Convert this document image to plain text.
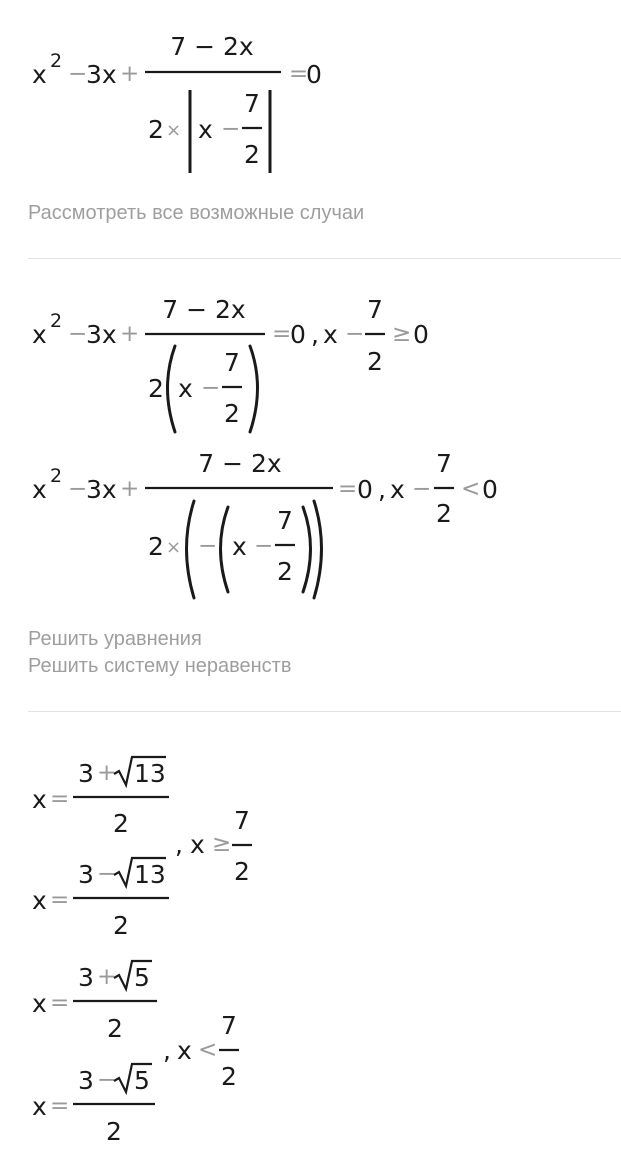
x 2 −
3x +
7 − 2x
2 × x −
7
2
=
0
x 2 −
3x +
7 − 2x
2 x −
7
2
=
0 , x −
7
2
≥ 0
x 2 −
3x +
7 − 2x
2 × − x −
7
2
= 0 , x −
7
2
< 0
x =
3 + 13
2
x =
3 − 13
2
, x ≥
7
2
x =
3 + 5
2
x =
3 − 5
2
, x <
7
2

Рассмотреть все возможные случаи

Решить уравнения

Решить систему неравенств
